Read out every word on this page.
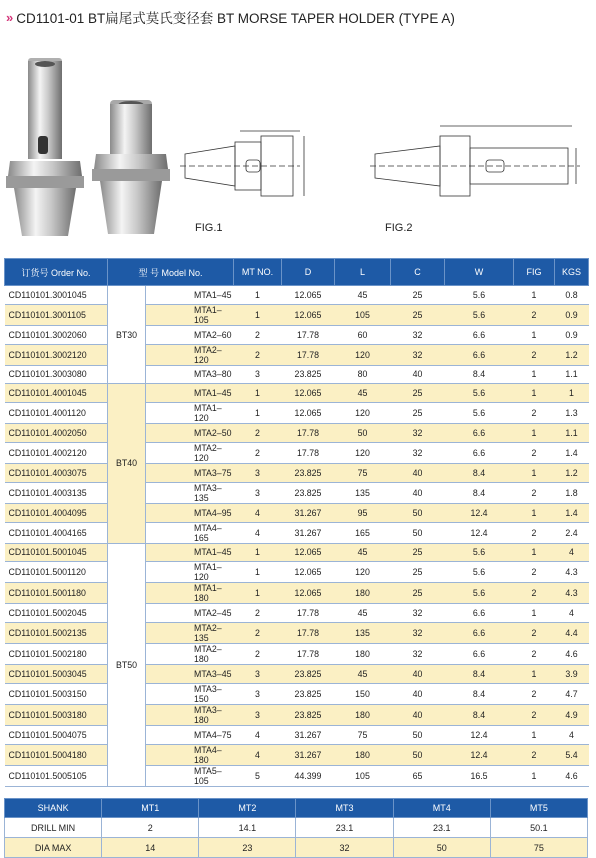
» CD1101-01 BT扁尾式莫氏变径套 BT MORSE TAPER HOLDER (TYPE A)
FIG.1	FIG.2
订货号 Order No.	型 号 Model No.		MT NO.	D	L	C	W	FIG	KGS
CD110101.3001045	BT30	MTA1–45	1	12.065	45	25	5.6	1	0.8
CD110101.3001105		MTA1–105	1	12.065	105	25	5.6	2	0.9
CD110101.3002060		MTA2–60	2	17.78	60	32	6.6	1	0.9
CD110101.3002120		MTA2–120	2	17.78	120	32	6.6	2	1.2
CD110101.3003080		MTA3–80	3	23.825	80	40	8.4	1	1.1
CD110101.4001045	BT40	MTA1–45	1	12.065	45	25	5.6	1	1
CD110101.4001120		MTA1–120	1	12.065	120	25	5.6	2	1.3
CD110101.4002050		MTA2–50	2	17.78	50	32	6.6	1	1.1
CD110101.4002120		MTA2–120	2	17.78	120	32	6.6	2	1.4
CD110101.4003075		MTA3–75	3	23.825	75	40	8.4	1	1.2
CD110101.4003135		MTA3–135	3	23.825	135	40	8.4	2	1.8
CD110101.4004095		MTA4–95	4	31.267	95	50	12.4	1	1.4
CD110101.4004165		MTA4–165	4	31.267	165	50	12.4	2	2.4
CD110101.5001045	BT50	MTA1–45	1	12.065	45	25	5.6	1	4
CD110101.5001120		MTA1–120	1	12.065	120	25	5.6	2	4.3
CD110101.5001180		MTA1–180	1	12.065	180	25	5.6	2	4.3
CD110101.5002045		MTA2–45	2	17.78	45	32	6.6	1	4
CD110101.5002135		MTA2–135	2	17.78	135	32	6.6	2	4.4
CD110101.5002180		MTA2–180	2	17.78	180	32	6.6	2	4.6
CD110101.5003045		MTA3–45	3	23.825	45	40	8.4	1	3.9
CD110101.5003150		MTA3–150	3	23.825	150	40	8.4	2	4.7
CD110101.5003180		MTA3–180	3	23.825	180	40	8.4	2	4.9
CD110101.5004075		MTA4–75	4	31.267	75	50	12.4	1	4
CD110101.5004180		MTA4–180	4	31.267	180	50	12.4	2	5.4
CD110101.5005105		MTA5–105	5	44.399	105	65	16.5	1	4.6
SHANK	MT1	MT2	MT3	MT4	MT5
DRILL MIN	2	14.1	23.1	23.1	50.1
DIA MAX	14	23	32	50	75
